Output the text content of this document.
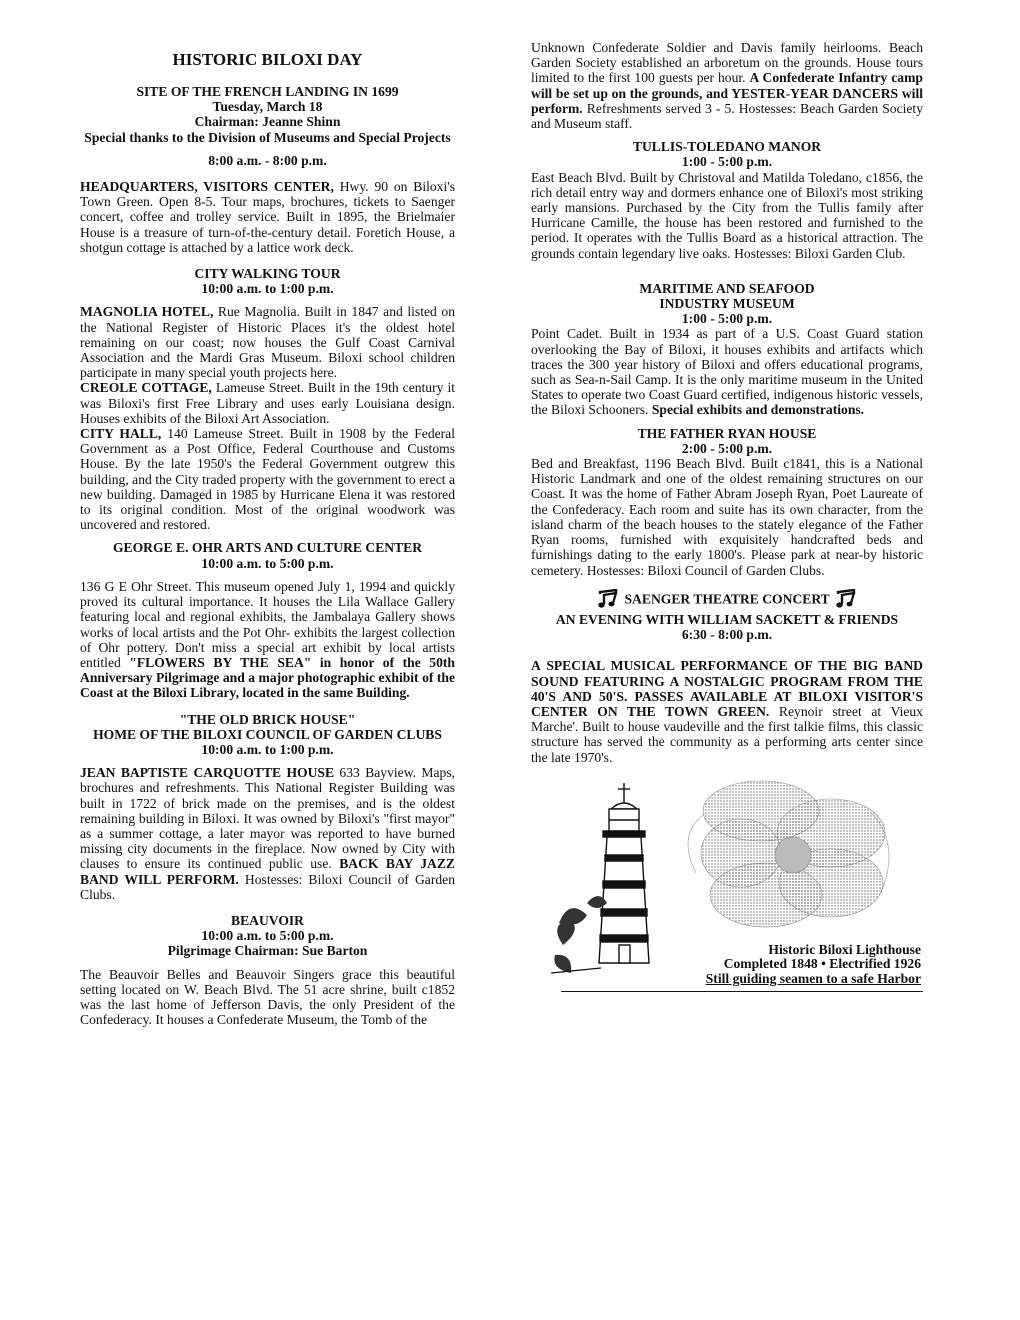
HISTORIC BILOXI DAY

SITE OF THE FRENCH LANDING IN 1699

Tuesday, March 18

Chairman: Jeanne Shinn

Special thanks to the Division of Museums and Special Projects

8:00 a.m. - 8:00 p.m.

HEADQUARTERS, VISITORS CENTER, Hwy. 90 on Biloxi's Town Green. Open 8-5. Tour maps, brochures, tickets to Saenger concert, coffee and trolley service. Built in 1895, the Brielmaier House is a treasure of turn-of-the-century detail. Foretich House, a shotgun cottage is attached by a lattice work deck.

CITY WALKING TOUR

10:00 a.m. to 1:00 p.m.

MAGNOLIA HOTEL, Rue Magnolia. Built in 1847 and listed on the National Register of Historic Places it's the oldest hotel remaining on our coast; now houses the Gulf Coast Carnival Association and the Mardi Gras Museum. Biloxi school children participate in many special youth projects here.

CREOLE COTTAGE, Lameuse Street. Built in the 19th century it was Biloxi's first Free Library and uses early Louisiana design. Houses exhibits of the Biloxi Art Association.

CITY HALL, 140 Lameuse Street. Built in 1908 by the Federal Government as a Post Office, Federal Courthouse and Customs House. By the late 1950's the Federal Government outgrew this building, and the City traded property with the government to erect a new building. Damaged in 1985 by Hurricane Elena it was restored to its original condition. Most of the original woodwork was uncovered and restored.

GEORGE E. OHR ARTS AND CULTURE CENTER

10:00 a.m. to 5:00 p.m.

136 G E Ohr Street. This museum opened July 1, 1994 and quickly proved its cultural importance. It houses the Lila Wallace Gallery featuring local and regional exhibits, the Jambalaya Gallery shows works of local artists and the Pot Ohr- exhibits the largest collection of Ohr pottery. Don't miss a special art exhibit by local artists entitled "FLOWERS BY THE SEA" in honor of the 50th Anniversary Pilgrimage and a major photographic exhibit of the Coast at the Biloxi Library, located in the same Building.

"THE OLD BRICK HOUSE"

HOME OF THE BILOXI COUNCIL OF GARDEN CLUBS

10:00 a.m. to 1:00 p.m.

JEAN BAPTISTE CARQUOTTE HOUSE 633 Bayview. Maps, brochures and refreshments. This National Register Building was built in 1722 of brick made on the premises, and is the oldest remaining building in Biloxi. It was owned by Biloxi's "first mayor" as a summer cottage, a later mayor was reported to have burned missing city documents in the fireplace. Now owned by City with clauses to ensure its continued public use. BACK BAY JAZZ BAND WILL PERFORM. Hostesses: Biloxi Council of Garden Clubs.

BEAUVOIR

10:00 a.m. to 5:00 p.m.

Pilgrimage Chairman: Sue Barton

The Beauvoir Belles and Beauvoir Singers grace this beautiful setting located on W. Beach Blvd. The 51 acre shrine, built c1852 was the last home of Jefferson Davis, the only President of the Confederacy. It houses a Confederate Museum, the Tomb of the

Unknown Confederate Soldier and Davis family heirlooms. Beach Garden Society established an arboretum on the grounds. House tours limited to the first 100 guests per hour. A Confederate Infantry camp will be set up on the grounds, and YESTER-YEAR DANCERS will perform. Refreshments served 3 - 5. Hostesses: Beach Garden Society and Museum staff.

TULLIS-TOLEDANO MANOR

1:00 - 5:00 p.m.

East Beach Blvd. Built by Christoval and Matilda Toledano, c1856, the rich detail entry way and dormers enhance one of Biloxi's most striking early mansions. Purchased by the City from the Tullis family after Hurricane Camille, the house has been restored and furnished to the period. It operates with the Tullis Board as a historical attraction. The grounds contain legendary live oaks. Hostesses: Biloxi Garden Club.

MARITIME AND SEAFOOD

INDUSTRY MUSEUM

1:00 - 5:00 p.m.

Point Cadet. Built in 1934 as part of a U.S. Coast Guard station overlooking the Bay of Biloxi, it houses exhibits and artifacts which traces the 300 year history of Biloxi and offers educational programs, such as Sea-n-Sail Camp. It is the only maritime museum in the United States to operate two Coast Guard certified, indigenous historic vessels, the Biloxi Schooners. Special exhibits and demonstrations.

THE FATHER RYAN HOUSE

2:00 - 5:00 p.m.

Bed and Breakfast, 1196 Beach Blvd. Built c1841, this is a National Historic Landmark and one of the oldest remaining structures on our Coast. It was the home of Father Abram Joseph Ryan, Poet Laureate of the Confederacy. Each room and suite has its own character, from the island charm of the beach houses to the stately elegance of the Father Ryan rooms, furnished with exquisitely handcrafted beds and furnishings dating to the early 1800's. Please park at near-by historic cemetery. Hostesses: Biloxi Council of Garden Clubs.

SAENGER THEATRE CONCERT

AN EVENING WITH WILLIAM SACKETT & FRIENDS

6:30 - 8:00 p.m.

A SPECIAL MUSICAL PERFORMANCE OF THE BIG BAND SOUND FEATURING A NOSTALGIC PROGRAM FROM THE 40'S AND 50'S. PASSES AVAILABLE AT BILOXI VISITOR'S CENTER ON THE TOWN GREEN. Reynoir street at Vieux Marche'. Built to house vaudeville and the first talkie films, this classic structure has served the community as a performing arts center since the late 1970's.

Historic Biloxi Lighthouse
Completed 1848 • Electrified 1926
Still guiding seamen to a safe Harbor
